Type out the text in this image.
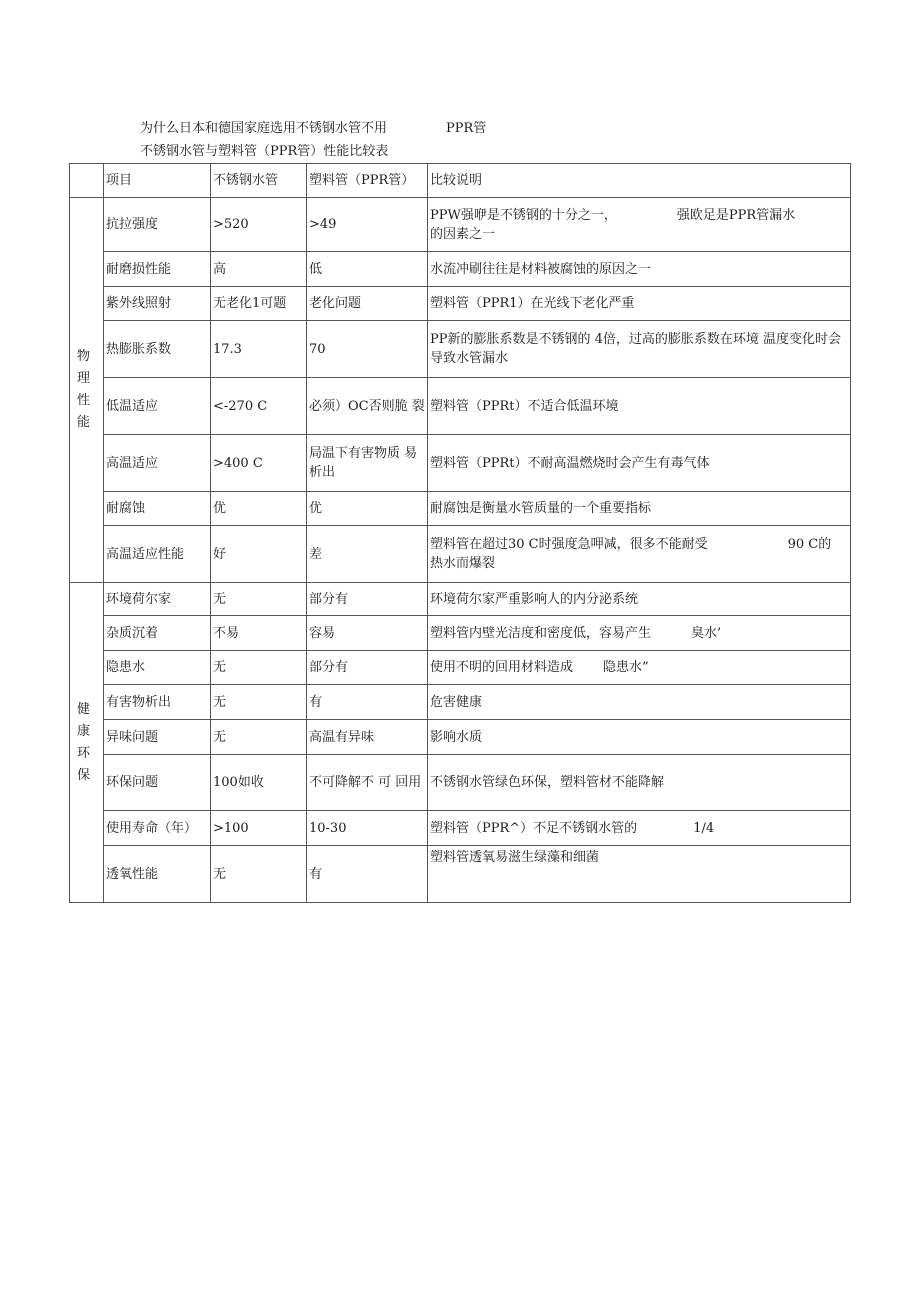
为什么日本和德国家庭选用不锈钢水管不用	PPR管
不锈钢水管与塑料管（PPR管）性能比较表
	项目	不锈钢水管	塑料管（PPR管）	比较说明
物 理 性 能	抗拉强度	>520	>49	PPW强咿是不锈钢的十分之一， 强欧足是PPR管漏水
的因素之一
	耐磨损性能	高	低	水流冲刷往往是材料被腐蚀的原因之一
	紫外线照射	无老化1可题	老化问题	塑料管（PPR1）在光线下老化严重
	热膨胀系数	17.3	70	PP新的膨胀系数是不锈钢的 4倍，过高的膨胀系数在环境 温度变化时会导致水管漏水
	低温适应	<-270 C	必须）OC否则脆 裂	塑料管（PPRt）不适合低温环境
	高温适应	>400 C	局温下有害物质 易析出	塑料管（PPRt）不耐高温燃烧时会产生有毒气体
	耐腐蚀	优	优	耐腐蚀是衡量水管质量的一个重要指标
	高温适应性能	好	差	塑料管在超过30 C时强度急呷减，很多不能耐受 90 C的
热水而爆裂
健 康 环 保	环境荷尔家	无	部分有	环境荷尔家严重影响人的内分泌系统
	杂质沉着	不易	容易	塑料管内壁光洁度和密度低，容易产生 臭水’
	隐患水	无	部分有	使用不明的回用材料造成 隐患水”
	有害物析出	无	有	危害健康
	异味问题	无	高温有异味	影响水质
	环保问题	100如收	不可降解不 可 回用	不锈钢水管绿色环保，塑料管材不能降解
	使用寿命（年）	>100	10-30	塑料管（PPR^）不足不锈钢水管的 1/4
	透氧性能	无	有	塑料管透氧易滋生绿藻和细菌
